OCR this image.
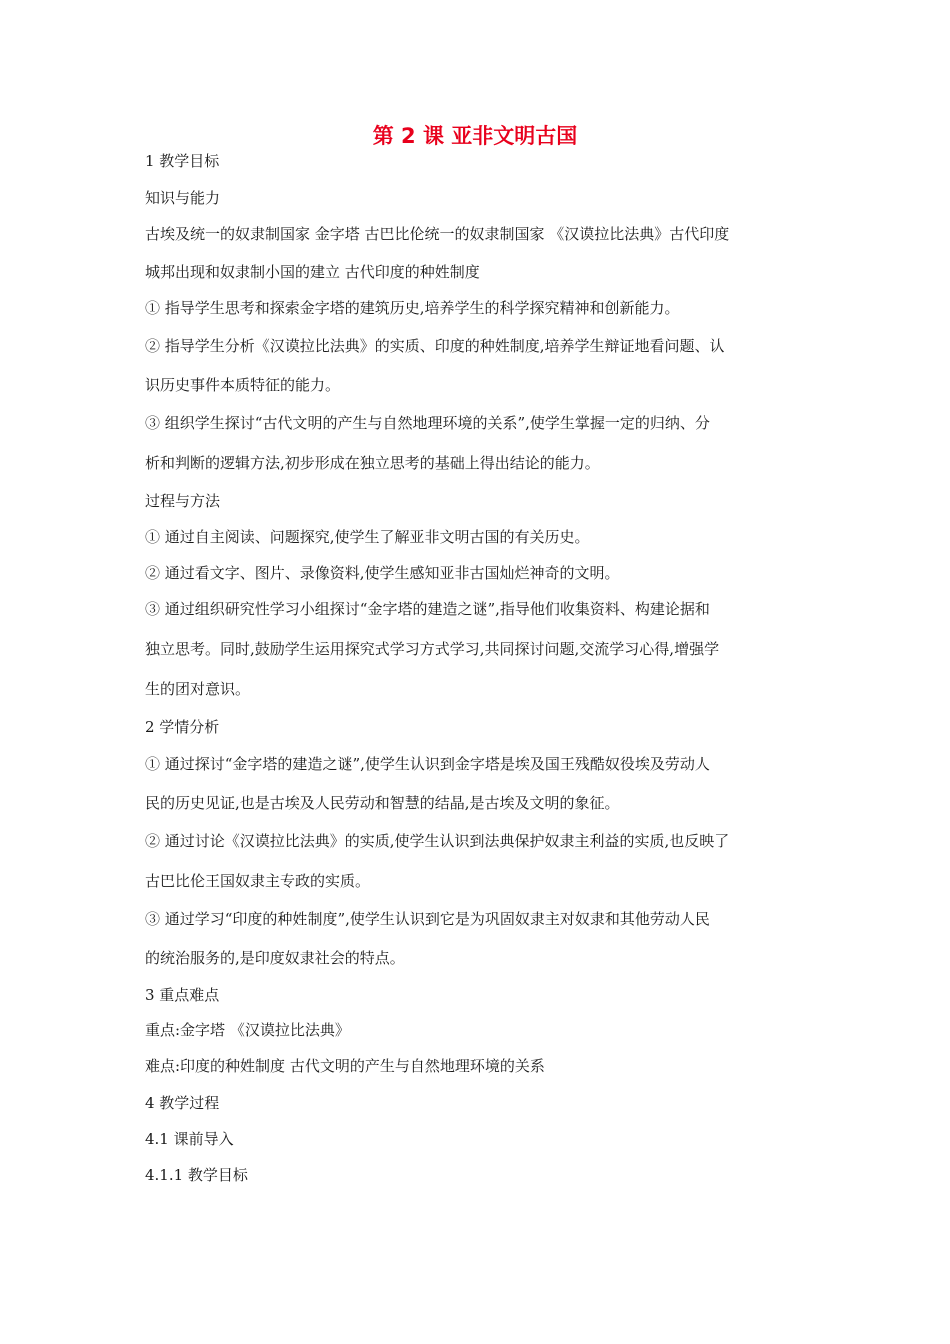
第 2 课 亚非文明古国
1 教学目标
知识与能力
古埃及统一的奴隶制国家 金字塔 古巴比伦统一的奴隶制国家 《汉谟拉比法典》古代印度
城邦出现和奴隶制小国的建立 古代印度的种姓制度
① 指导学生思考和探索金字塔的建筑历史,培养学生的科学探究精神和创新能力。
② 指导学生分析《汉谟拉比法典》的实质、印度的种姓制度,培养学生辩证地看问题、认
识历史事件本质特征的能力。
③ 组织学生探讨“古代文明的产生与自然地理环境的关系”,使学生掌握一定的归纳、分
析和判断的逻辑方法,初步形成在独立思考的基础上得出结论的能力。
过程与方法
① 通过自主阅读、问题探究,使学生了解亚非文明古国的有关历史。
② 通过看文字、图片、录像资料,使学生感知亚非古国灿烂神奇的文明。
③ 通过组织研究性学习小组探讨“金字塔的建造之谜”,指导他们收集资料、构建论据和
独立思考。同时,鼓励学生运用探究式学习方式学习,共同探讨问题,交流学习心得,增强学
生的团对意识。
2 学情分析
① 通过探讨“金字塔的建造之谜”,使学生认识到金字塔是埃及国王残酷奴役埃及劳动人
民的历史见证,也是古埃及人民劳动和智慧的结晶,是古埃及文明的象征。
② 通过讨论《汉谟拉比法典》的实质,使学生认识到法典保护奴隶主利益的实质,也反映了
古巴比伦王国奴隶主专政的实质。
③ 通过学习“印度的种姓制度”,使学生认识到它是为巩固奴隶主对奴隶和其他劳动人民
的统治服务的,是印度奴隶社会的特点。
3 重点难点
重点:金字塔 《汉谟拉比法典》
难点:印度的种姓制度 古代文明的产生与自然地理环境的关系
4 教学过程
4.1 课前导入
4.1.1 教学目标
